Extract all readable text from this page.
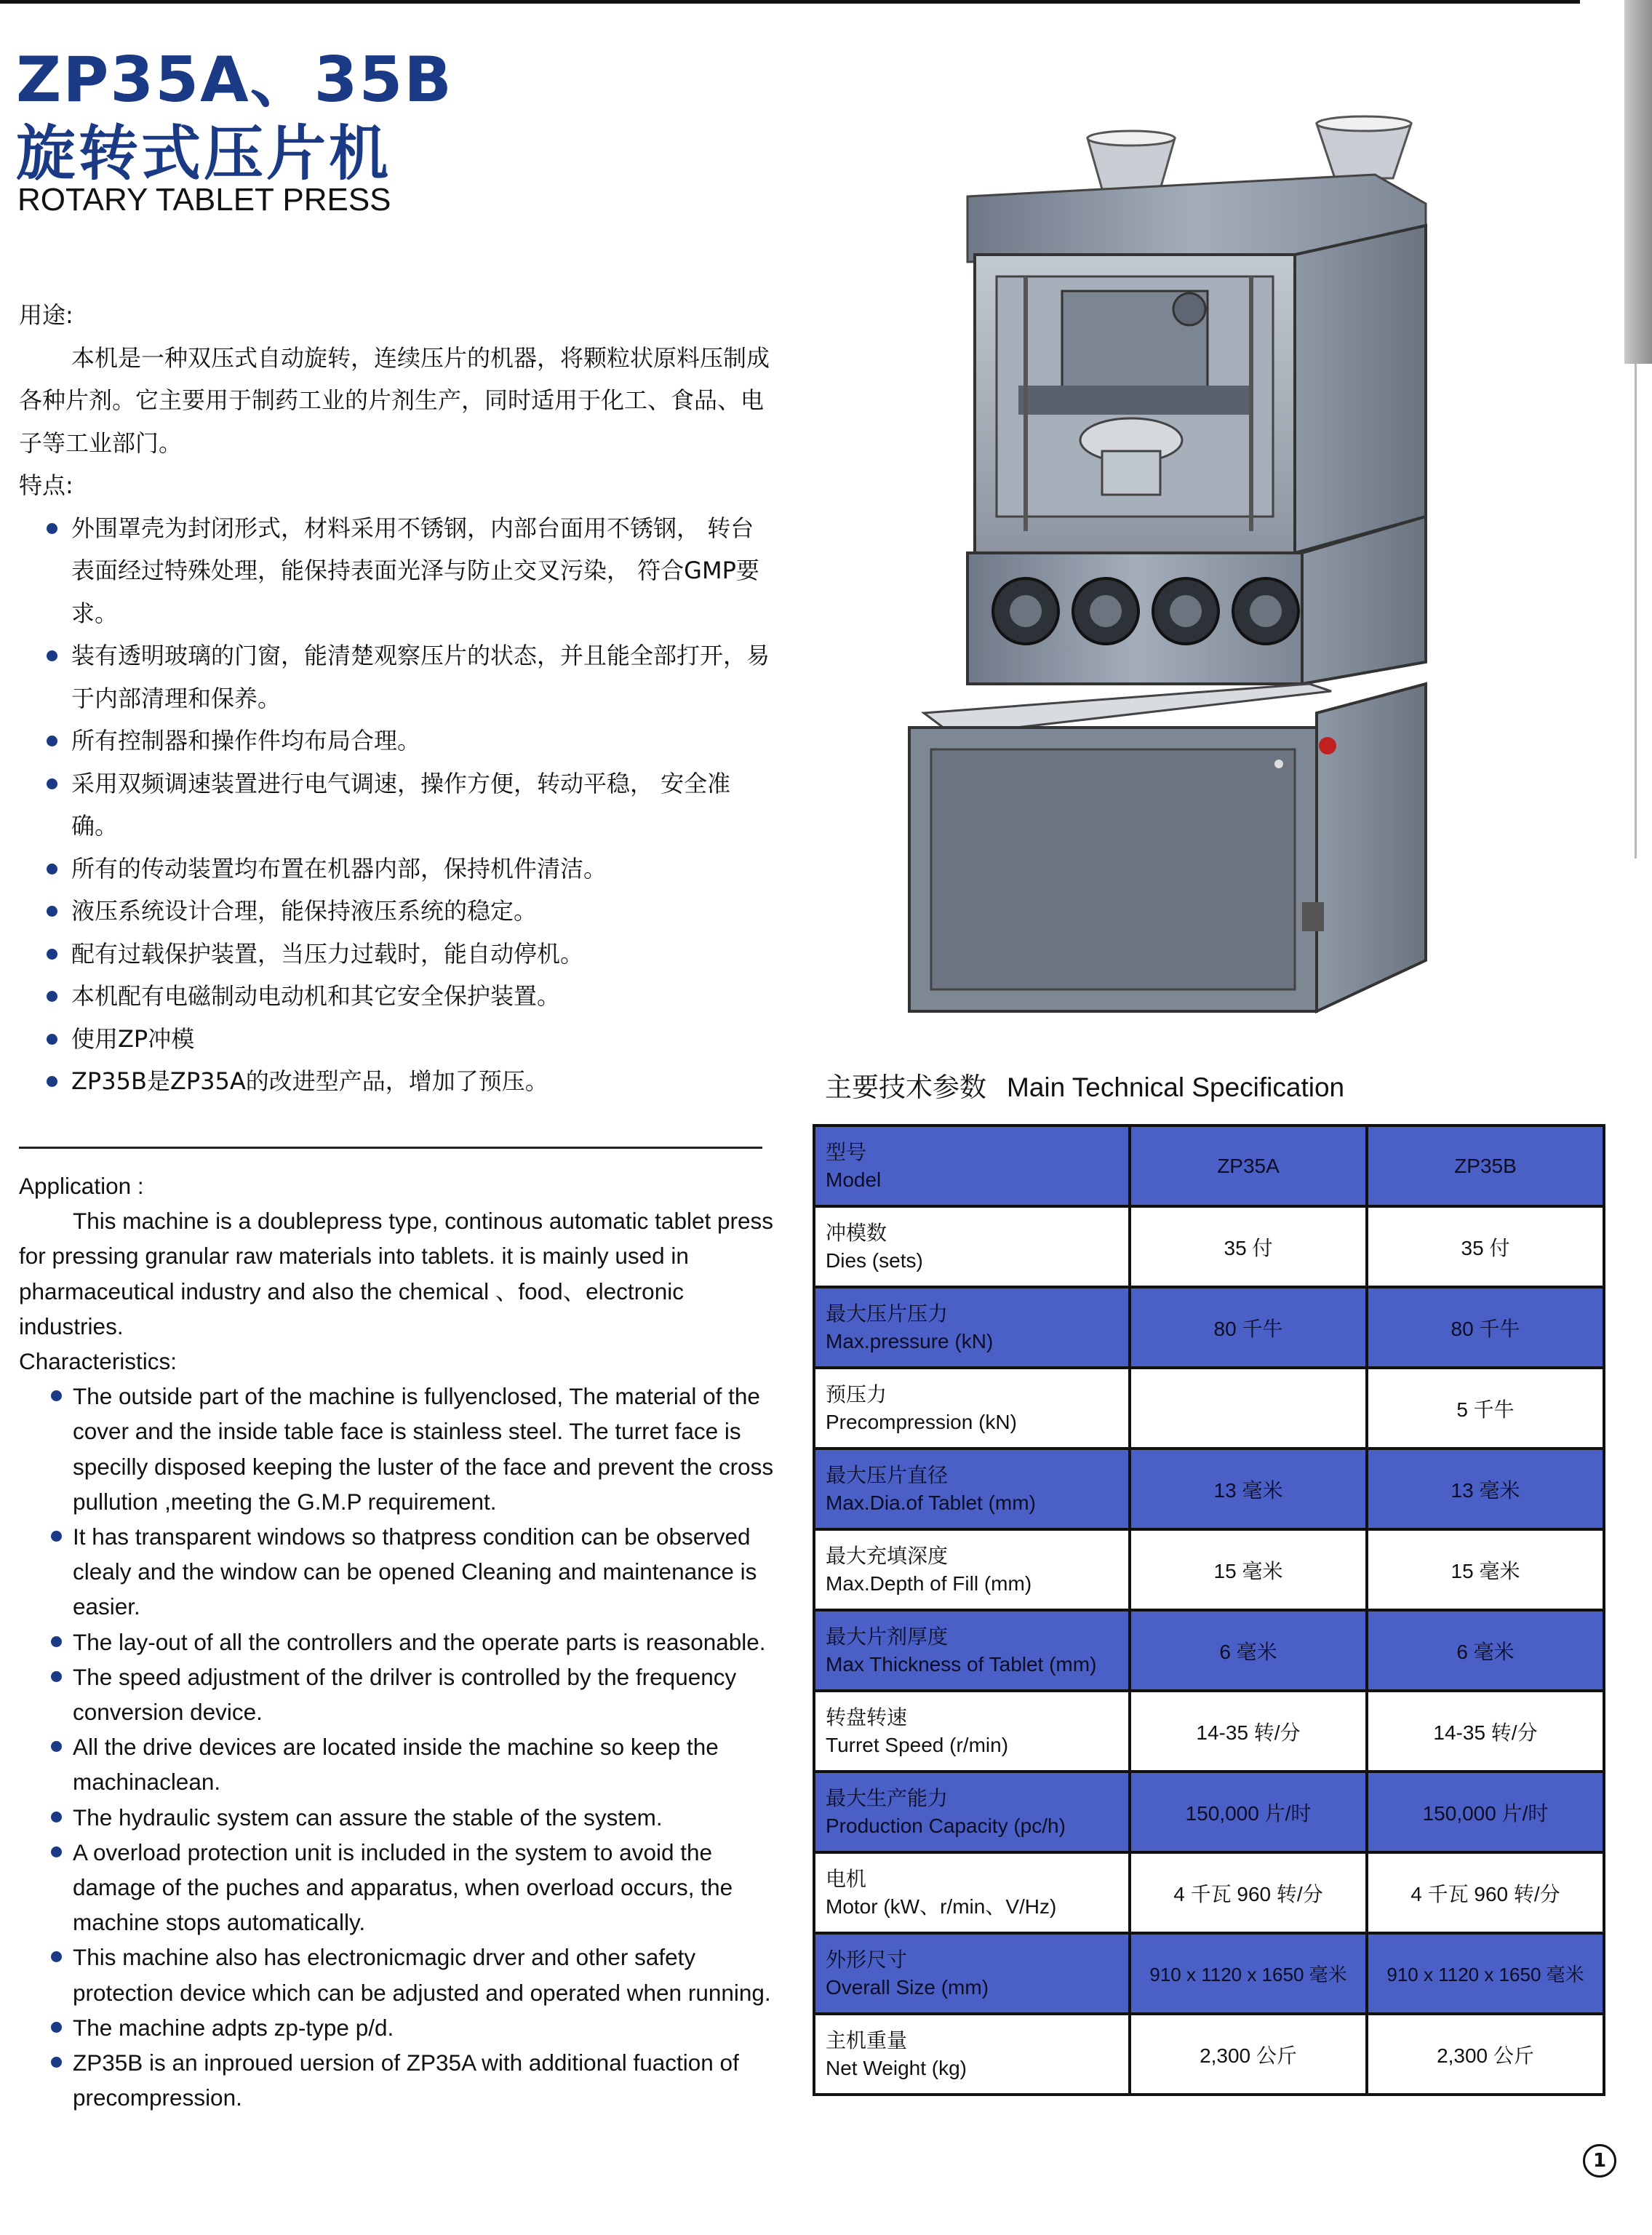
ZP35A、35B
旋转式压片机
ROTARY TABLET PRESS

用途:

本机是一种双压式自动旋转，连续压片的机器，将颗粒状原料压制成各种片剂。它主要用于制药工业的片剂生产，同时适用于化工、食品、电子等工业部门。

特点:

外围罩壳为封闭形式，材料采用不锈钢，内部台面用不锈钢， 转台表面经过特殊处理，能保持表面光泽与防止交叉污染， 符合GMP要求。
装有透明玻璃的门窗，能清楚观察压片的状态，并且能全部打开，易于内部清理和保养。
所有控制器和操作件均布局合理。
采用双频调速装置进行电气调速，操作方便，转动平稳， 安全准确。
所有的传动装置均布置在机器内部，保持机件清洁。
液压系统设计合理，能保持液压系统的稳定。
配有过载保护装置，当压力过载时，能自动停机。
本机配有电磁制动电动机和其它安全保护装置。
使用ZP冲模
ZP35B是ZP35A的改进型产品，增加了预压。

Application :

This machine is a doublepress type, continous automatic tablet press for pressing granular raw materials into tablets. it is mainly used in pharmaceutical industry and also the chemical 、food、electronic industries.

Characteristics:

The outside part of the machine is fullyenclosed, The material of the cover and the inside table face is stainless steel. The turret face is specilly disposed keeping the luster of the face and prevent the cross pullution ,meeting the G.M.P requirement.
It has transparent windows so thatpress condition can be observed clealy and the window can be opened Cleaning and maintenance is easier.
The lay-out of all the controllers and the operate parts is reasonable.
The speed adjustment of the drilver is controlled by the frequency conversion device.
All the drive devices are located inside the machine so keep the machinaclean.
The hydraulic system can assure the stable of the system.
A overload protection unit is included in the system to avoid the damage of the puches and apparatus, when overload occurs, the machine stops automatically.
This machine also has electronicmagic drver and other safety protection device which can be adjusted and operated when running.
The machine adpts zp-type p/d.
ZP35B is an inproued uersion of ZP35A with additional fuaction of precompression.
主要技术参数 Main Technical Specification
型号
Model	ZP35A	ZP35B
冲模数
Dies (sets)	35 付	35 付
最大压片压力
Max.pressure (kN)	80 千牛	80 千牛
预压力
Precompression (kN)		5 千牛
最大压片直径
Max.Dia.of Tablet (mm)	13 毫米	13 毫米
最大充填深度
Max.Depth of Fill (mm)	15 毫米	15 毫米
最大片剂厚度
Max Thickness of Tablet (mm)	6 毫米	6 毫米
转盘转速
Turret Speed (r/min)	14-35 转/分	14-35 转/分
最大生产能力
Production Capacity (pc/h)	150,000 片/时	150,000 片/时
电机
Motor (kW、r/min、V/Hz)	4 千瓦 960 转/分	4 千瓦 960 转/分
外形尺寸
Overall Size (mm)	910 x 1120 x 1650 毫米	910 x 1120 x 1650 毫米
主机重量
Net Weight (kg)	2,300 公斤	2,300 公斤
1
